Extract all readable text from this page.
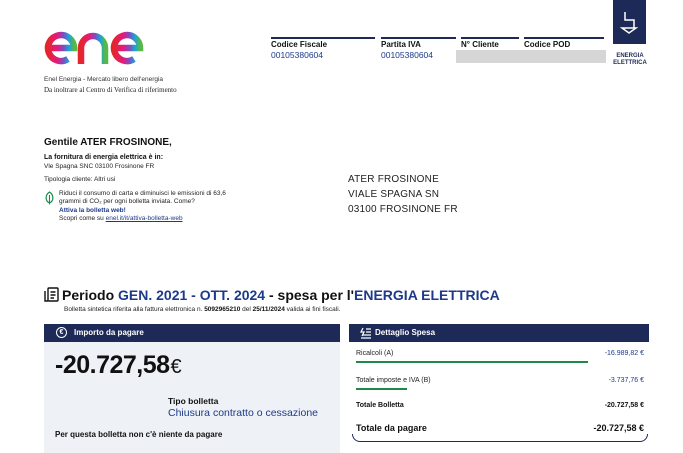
Enel Energia - Mercato libero dell'energia
Da inoltrare al Centro di Verifica di riferimento
Codice Fiscale
00105380604
Partita IVA
00105380604
N° Cliente	Codice POD
ENERGIA
ELETTRICA
Gentile ATER FROSINONE,
La fornitura di energia elettrica è in:
Vle Spagna SNC 03100 Frosinone FR
Tipologia cliente: Altri usi
Riduci il consumo di carta e diminuisci le emissioni di 63,6
grammi di CO₂ per ogni bolletta inviata. Come?
Attiva la bolletta web!
Scopri come su enel.it/it/attiva-bolletta-web
ATER FROSINONE
VIALE SPAGNA SN
03100 FROSINONE FR
Periodo GEN. 2021 - OTT. 2024 - spesa per l'ENERGIA ELETTRICA
Bolletta sintetica riferita alla fattura elettronica n. 5092965210 del 25/11/2024 valida ai fini fiscali.
€	Importo da pagare
-20.727,58€
Tipo bolletta
Chiusura contratto o cessazione
Per questa bolletta non c'è niente da pagare
Dettaglio Spesa
Ricalcoli (A)	-16.989,82 €
Totale imposte e IVA (B)	-3.737,76 €
Totale Bolletta	-20.727,58 €
Totale da pagare	-20.727,58 €
